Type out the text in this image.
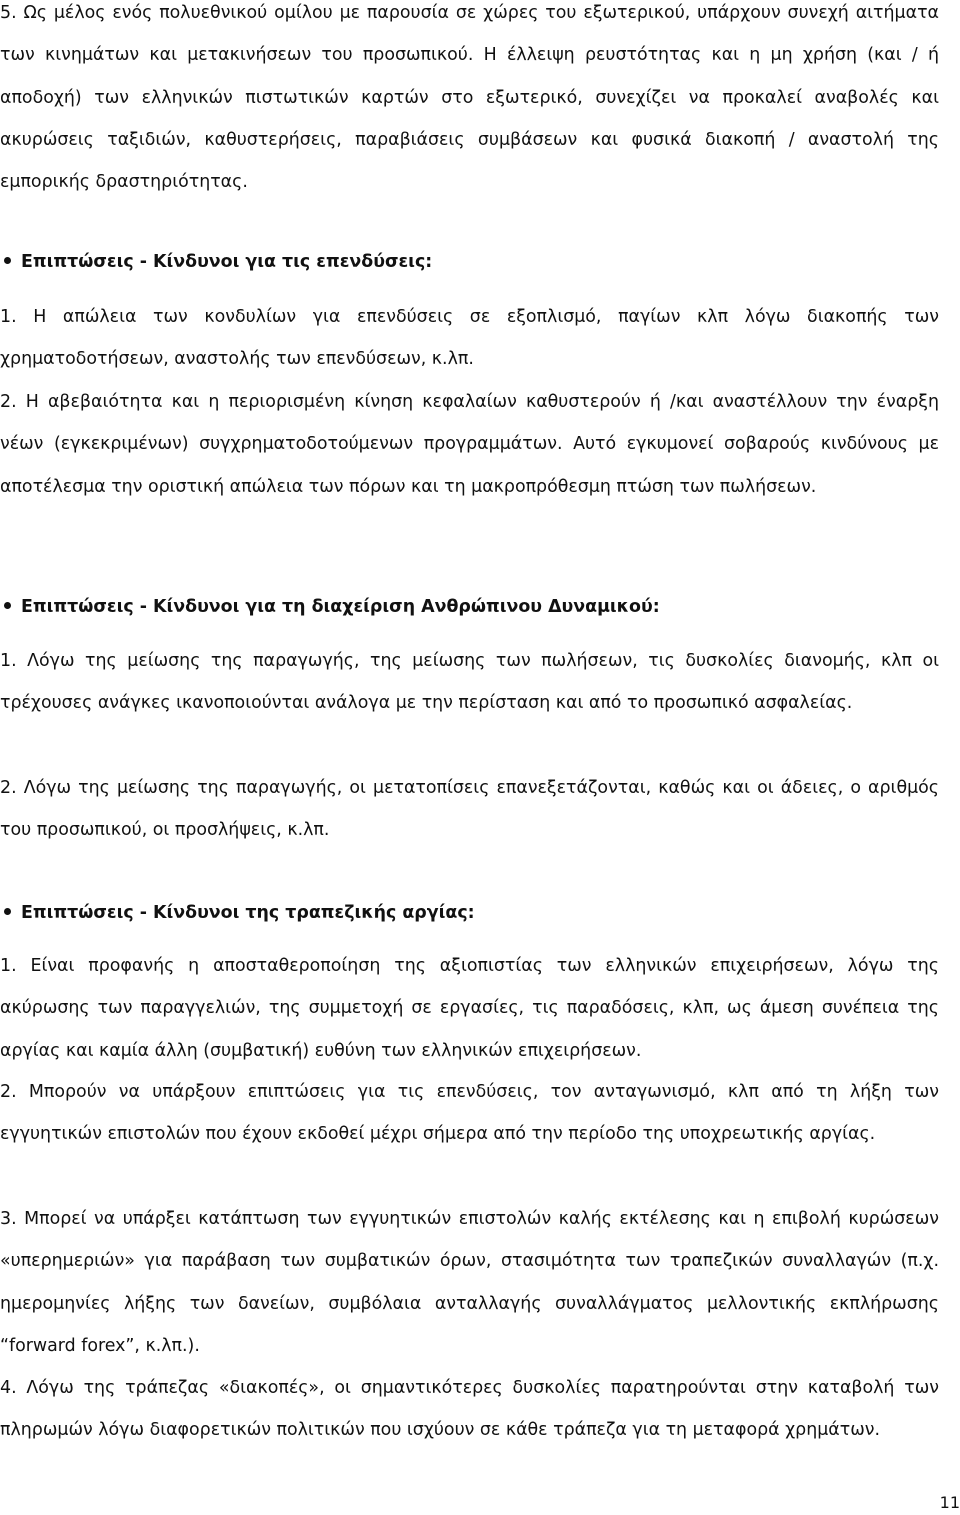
5. Ως μέλος ενός πολυεθνικού ομίλου με παρουσία σε χώρες του εξωτερικού, υπάρχουν συνεχή αιτήματα των κινημάτων και μετακινήσεων του προσωπικού. Η έλλειψη ρευστότητας και η μη χρήση (και / ή αποδοχή) των ελληνικών πιστωτικών καρτών στο εξωτερικό, συνεχίζει να προκαλεί αναβολές και ακυρώσεις ταξιδιών, καθυστερήσεις, παραβιάσεις συμβάσεων και φυσικά διακοπή / αναστολή της εμπορικής δραστηριότητας.

Επιπτώσεις - Κίνδυνοι για τις επενδύσεις:

1. Η απώλεια των κονδυλίων για επενδύσεις σε εξοπλισμό, παγίων κλπ λόγω διακοπής των χρηματοδοτήσεων, αναστολής των επενδύσεων, κ.λπ.

2. Η αβεβαιότητα και η περιορισμένη κίνηση κεφαλαίων καθυστερούν ή /και αναστέλλουν την έναρξη νέων (εγκεκριμένων) συγχρηματοδοτούμενων προγραμμάτων. Αυτό εγκυμονεί σοβαρούς κινδύνους με αποτέλεσμα την οριστική απώλεια των πόρων και τη μακροπρόθεσμη πτώση των πωλήσεων.

Επιπτώσεις - Κίνδυνοι για τη διαχείριση Ανθρώπινου Δυναμικού:

1. Λόγω της μείωσης της παραγωγής, της μείωσης των πωλήσεων, τις δυσκολίες διανομής, κλπ οι τρέχουσες ανάγκες ικανοποιούνται ανάλογα με την περίσταση και από το προσωπικό ασφαλείας.

2. Λόγω της μείωσης της παραγωγής, οι μετατοπίσεις επανεξετάζονται, καθώς και οι άδειες, ο αριθμός του προσωπικού, οι προσλήψεις, κ.λπ.

Επιπτώσεις - Κίνδυνοι της τραπεζικής αργίας:

1. Είναι προφανής η αποσταθεροποίηση της αξιοπιστίας των ελληνικών επιχειρήσεων, λόγω της ακύρωσης των παραγγελιών, της συμμετοχή σε εργασίες, τις παραδόσεις, κλπ, ως άμεση συνέπεια της αργίας και καμία άλλη (συμβατική) ευθύνη των ελληνικών επιχειρήσεων.

2. Μπορούν να υπάρξουν επιπτώσεις για τις επενδύσεις, τον ανταγωνισμό, κλπ από τη λήξη των εγγυητικών επιστολών που έχουν εκδοθεί μέχρι σήμερα από την περίοδο της υποχρεωτικής αργίας.

3. Μπορεί να υπάρξει κατάπτωση των εγγυητικών επιστολών καλής εκτέλεσης και η επιβολή κυρώσεων «υπερημεριών» για παράβαση των συμβατικών όρων, στασιμότητα των τραπεζικών συναλλαγών (π.χ. ημερομηνίες λήξης των δανείων, συμβόλαια ανταλλαγής συναλλάγματος μελλοντικής εκπλήρωσης “forward forex”, κ.λπ.).

4. Λόγω της τράπεζας «διακοπές», οι σημαντικότερες δυσκολίες παρατηρούνται στην καταβολή των πληρωμών λόγω διαφορετικών πολιτικών που ισχύουν σε κάθε τράπεζα για τη μεταφορά χρημάτων.

11
